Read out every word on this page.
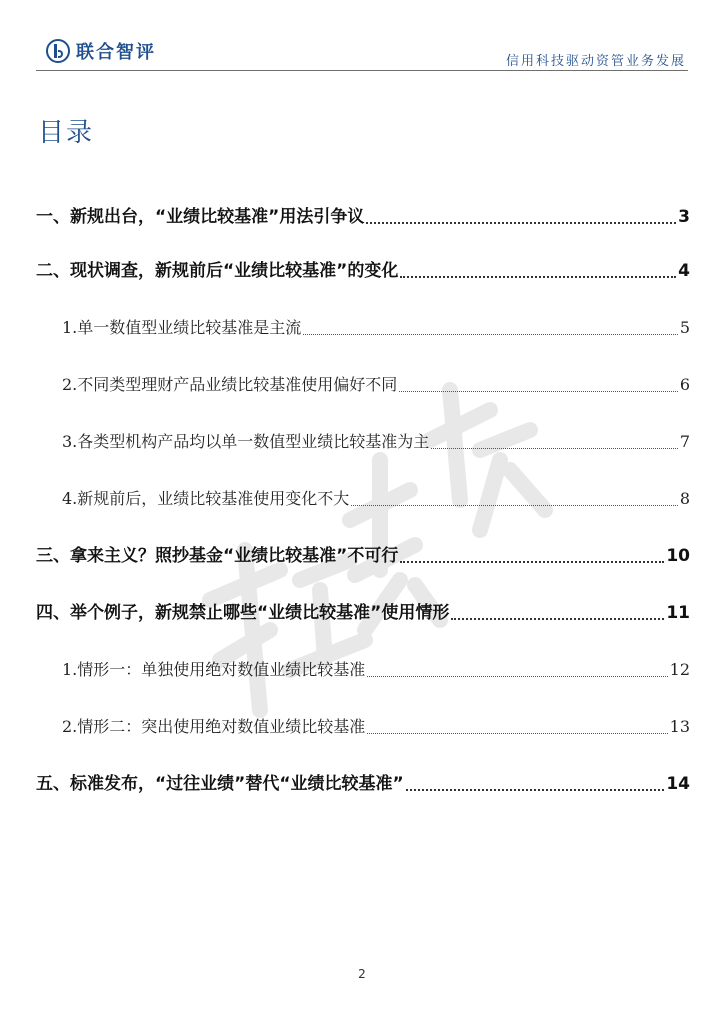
联合智评	信用科技驱动资管业务发展
目录
一、新规出台，“业绩比较基准”用法引争议	3
二、现状调查，新规前后“业绩比较基准”的变化	4
1.单一数值型业绩比较基准是主流	5
2.不同类型理财产品业绩比较基准使用偏好不同	6
3.各类型机构产品均以单一数值型业绩比较基准为主	7
4.新规前后，业绩比较基准使用变化不大	8
三、拿来主义？照抄基金“业绩比较基准”不可行	10
四、举个例子，新规禁止哪些“业绩比较基准”使用情形	11
1.情形一：单独使用绝对数值业绩比较基准	12
2.情形二：突出使用绝对数值业绩比较基准	13
五、标准发布，“过往业绩”替代“业绩比较基准”	14
2
